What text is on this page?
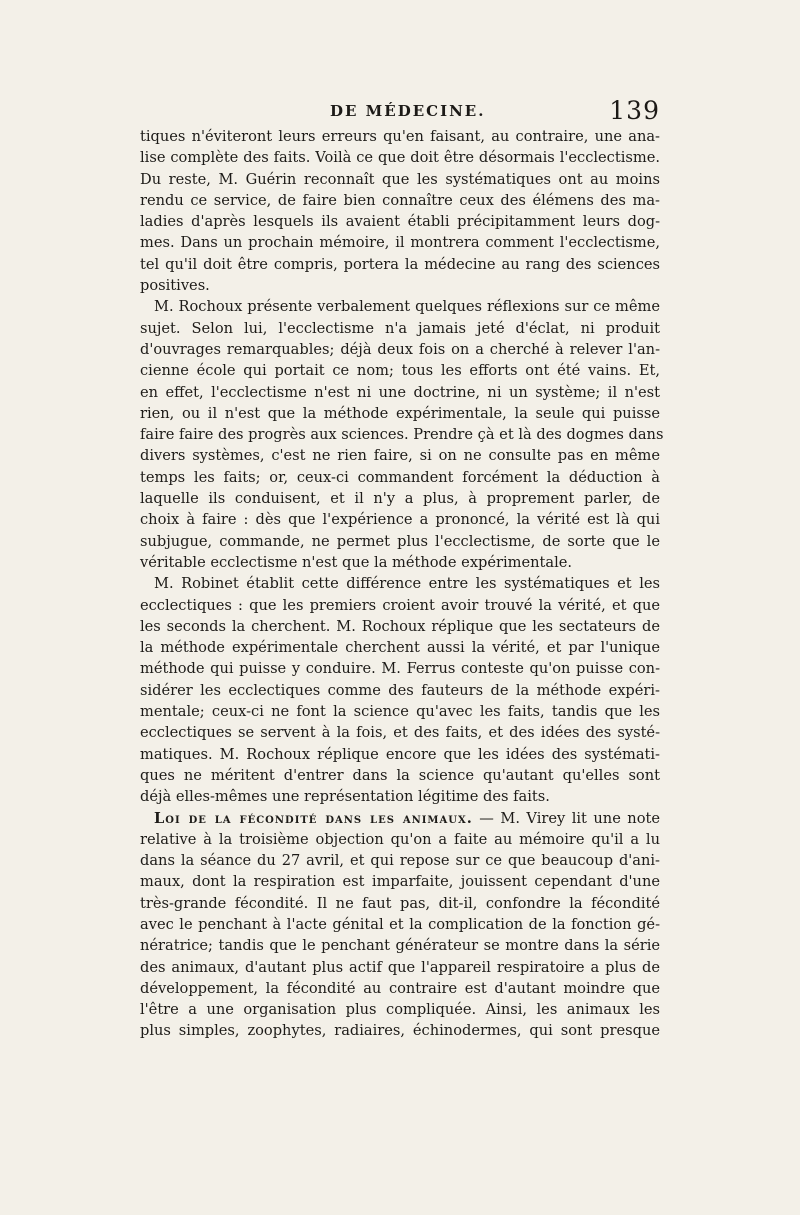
DE MÉDECINE.	139
tiques n'éviteront leurs erreurs qu'en faisant, au contraire, une ana-
lise complète des faits. Voilà ce que doit être désormais l'ecclectisme.
Du reste, M. Guérin reconnaît que les systématiques ont au moins
rendu ce service, de faire bien connaître ceux des élémens des ma-
ladies d'après lesquels ils avaient établi précipitamment leurs dog-
mes. Dans un prochain mémoire, il montrera comment l'ecclectisme,
tel qu'il doit être compris, portera la médecine au rang des sciences
positives.
M. Rochoux présente verbalement quelques réflexions sur ce même
sujet. Selon lui, l'ecclectisme n'a jamais jeté d'éclat, ni produit
d'ouvrages remarquables; déjà deux fois on a cherché à relever l'an-
cienne école qui portait ce nom; tous les efforts ont été vains. Et,
en effet, l'ecclectisme n'est ni une doctrine, ni un système; il n'est
rien, ou il n'est que la méthode expérimentale, la seule qui puisse
faire faire des progrès aux sciences. Prendre çà et là des dogmes dans
divers systèmes, c'est ne rien faire, si on ne consulte pas en même
temps les faits; or, ceux-ci commandent forcément la déduction à
laquelle ils conduisent, et il n'y a plus, à proprement parler, de
choix à faire : dès que l'expérience a prononcé, la vérité est là qui
subjugue, commande, ne permet plus l'ecclectisme, de sorte que le
véritable ecclectisme n'est que la méthode expérimentale.
M. Robinet établit cette différence entre les systématiques et les
ecclectiques : que les premiers croient avoir trouvé la vérité, et que
les seconds la cherchent. M. Rochoux réplique que les sectateurs de
la méthode expérimentale cherchent aussi la vérité, et par l'unique
méthode qui puisse y conduire. M. Ferrus conteste qu'on puisse con-
sidérer les ecclectiques comme des fauteurs de la méthode expéri-
mentale; ceux-ci ne font la science qu'avec les faits, tandis que les
ecclectiques se servent à la fois, et des faits, et des idées des systé-
matiques. M. Rochoux réplique encore que les idées des systémati-
ques ne méritent d'entrer dans la science qu'autant qu'elles sont
déjà elles-mêmes une représentation légitime des faits.
Loi de la fécondité dans les animaux. — M. Virey lit une note
relative à la troisième objection qu'on a faite au mémoire qu'il a lu
dans la séance du 27 avril, et qui repose sur ce que beaucoup d'ani-
maux, dont la respiration est imparfaite, jouissent cependant d'une
très-grande fécondité. Il ne faut pas, dit-il, confondre la fécondité
avec le penchant à l'acte génital et la complication de la fonction gé-
nératrice; tandis que le penchant générateur se montre dans la série
des animaux, d'autant plus actif que l'appareil respiratoire a plus de
développement, la fécondité au contraire est d'autant moindre que
l'être a une organisation plus compliquée. Ainsi, les animaux les
plus simples, zoophytes, radiaires, échinodermes, qui sont presque
